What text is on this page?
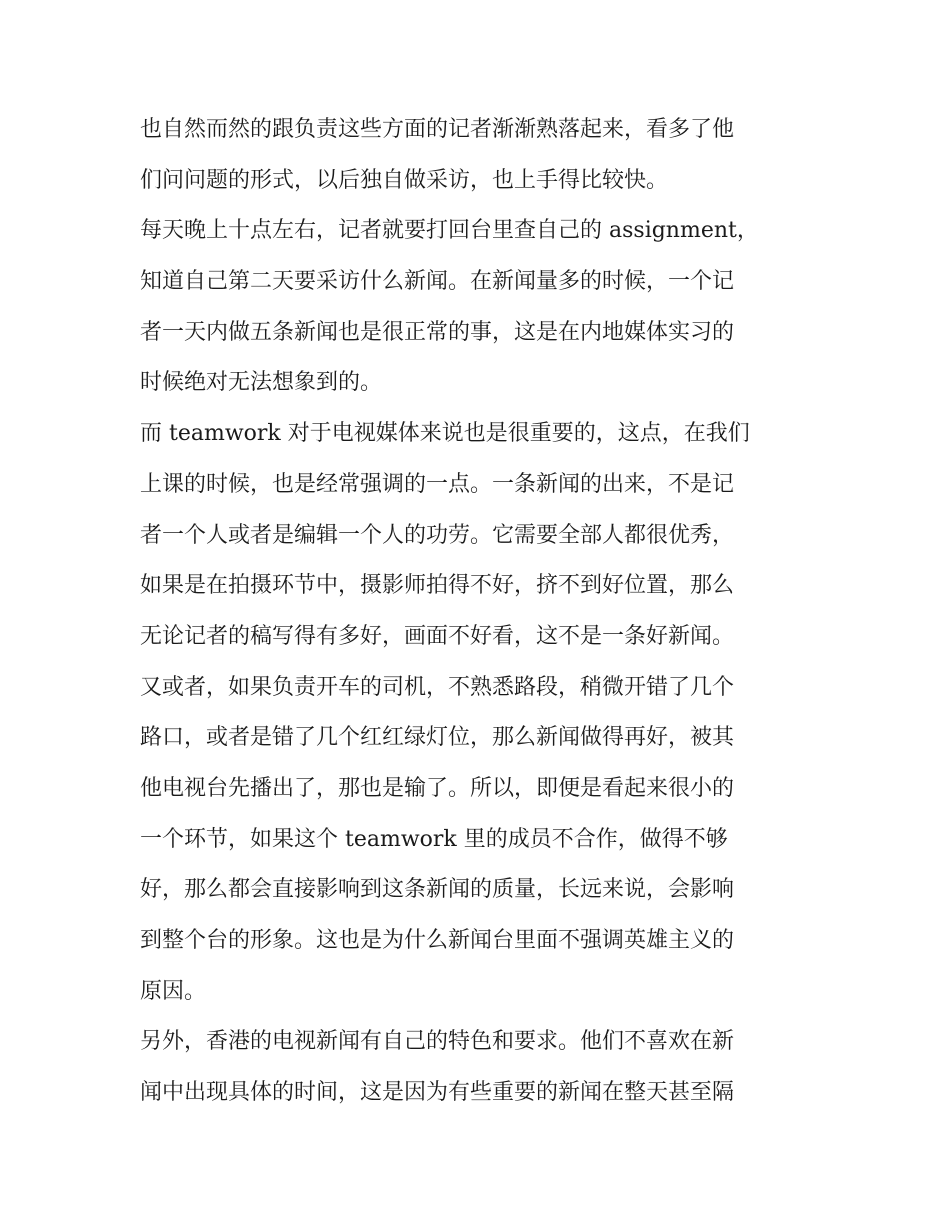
也自然而然的跟负责这些方面的记者渐渐熟落起来，看多了他
们问问题的形式，以后独自做采访，也上手得比较快。
每天晚上十点左右，记者就要打回台里查自己的 assignment，
知道自己第二天要采访什么新闻。在新闻量多的时候，一个记
者一天内做五条新闻也是很正常的事，这是在内地媒体实习的
时候绝对无法想象到的。
而 teamwork 对于电视媒体来说也是很重要的，这点，在我们
上课的时候，也是经常强调的一点。一条新闻的出来，不是记
者一个人或者是编辑一个人的功劳。它需要全部人都很优秀，
如果是在拍摄环节中，摄影师拍得不好，挤不到好位置，那么
无论记者的稿写得有多好，画面不好看，这不是一条好新闻。
又或者，如果负责开车的司机，不熟悉路段，稍微开错了几个
路口，或者是错了几个红红绿灯位，那么新闻做得再好，被其
他电视台先播出了，那也是输了。所以，即便是看起来很小的
一个环节，如果这个 teamwork 里的成员不合作，做得不够
好，那么都会直接影响到这条新闻的质量，长远来说，会影响
到整个台的形象。这也是为什么新闻台里面不强调英雄主义的
原因。
另外，香港的电视新闻有自己的特色和要求。他们不喜欢在新
闻中出现具体的时间，这是因为有些重要的新闻在整天甚至隔
